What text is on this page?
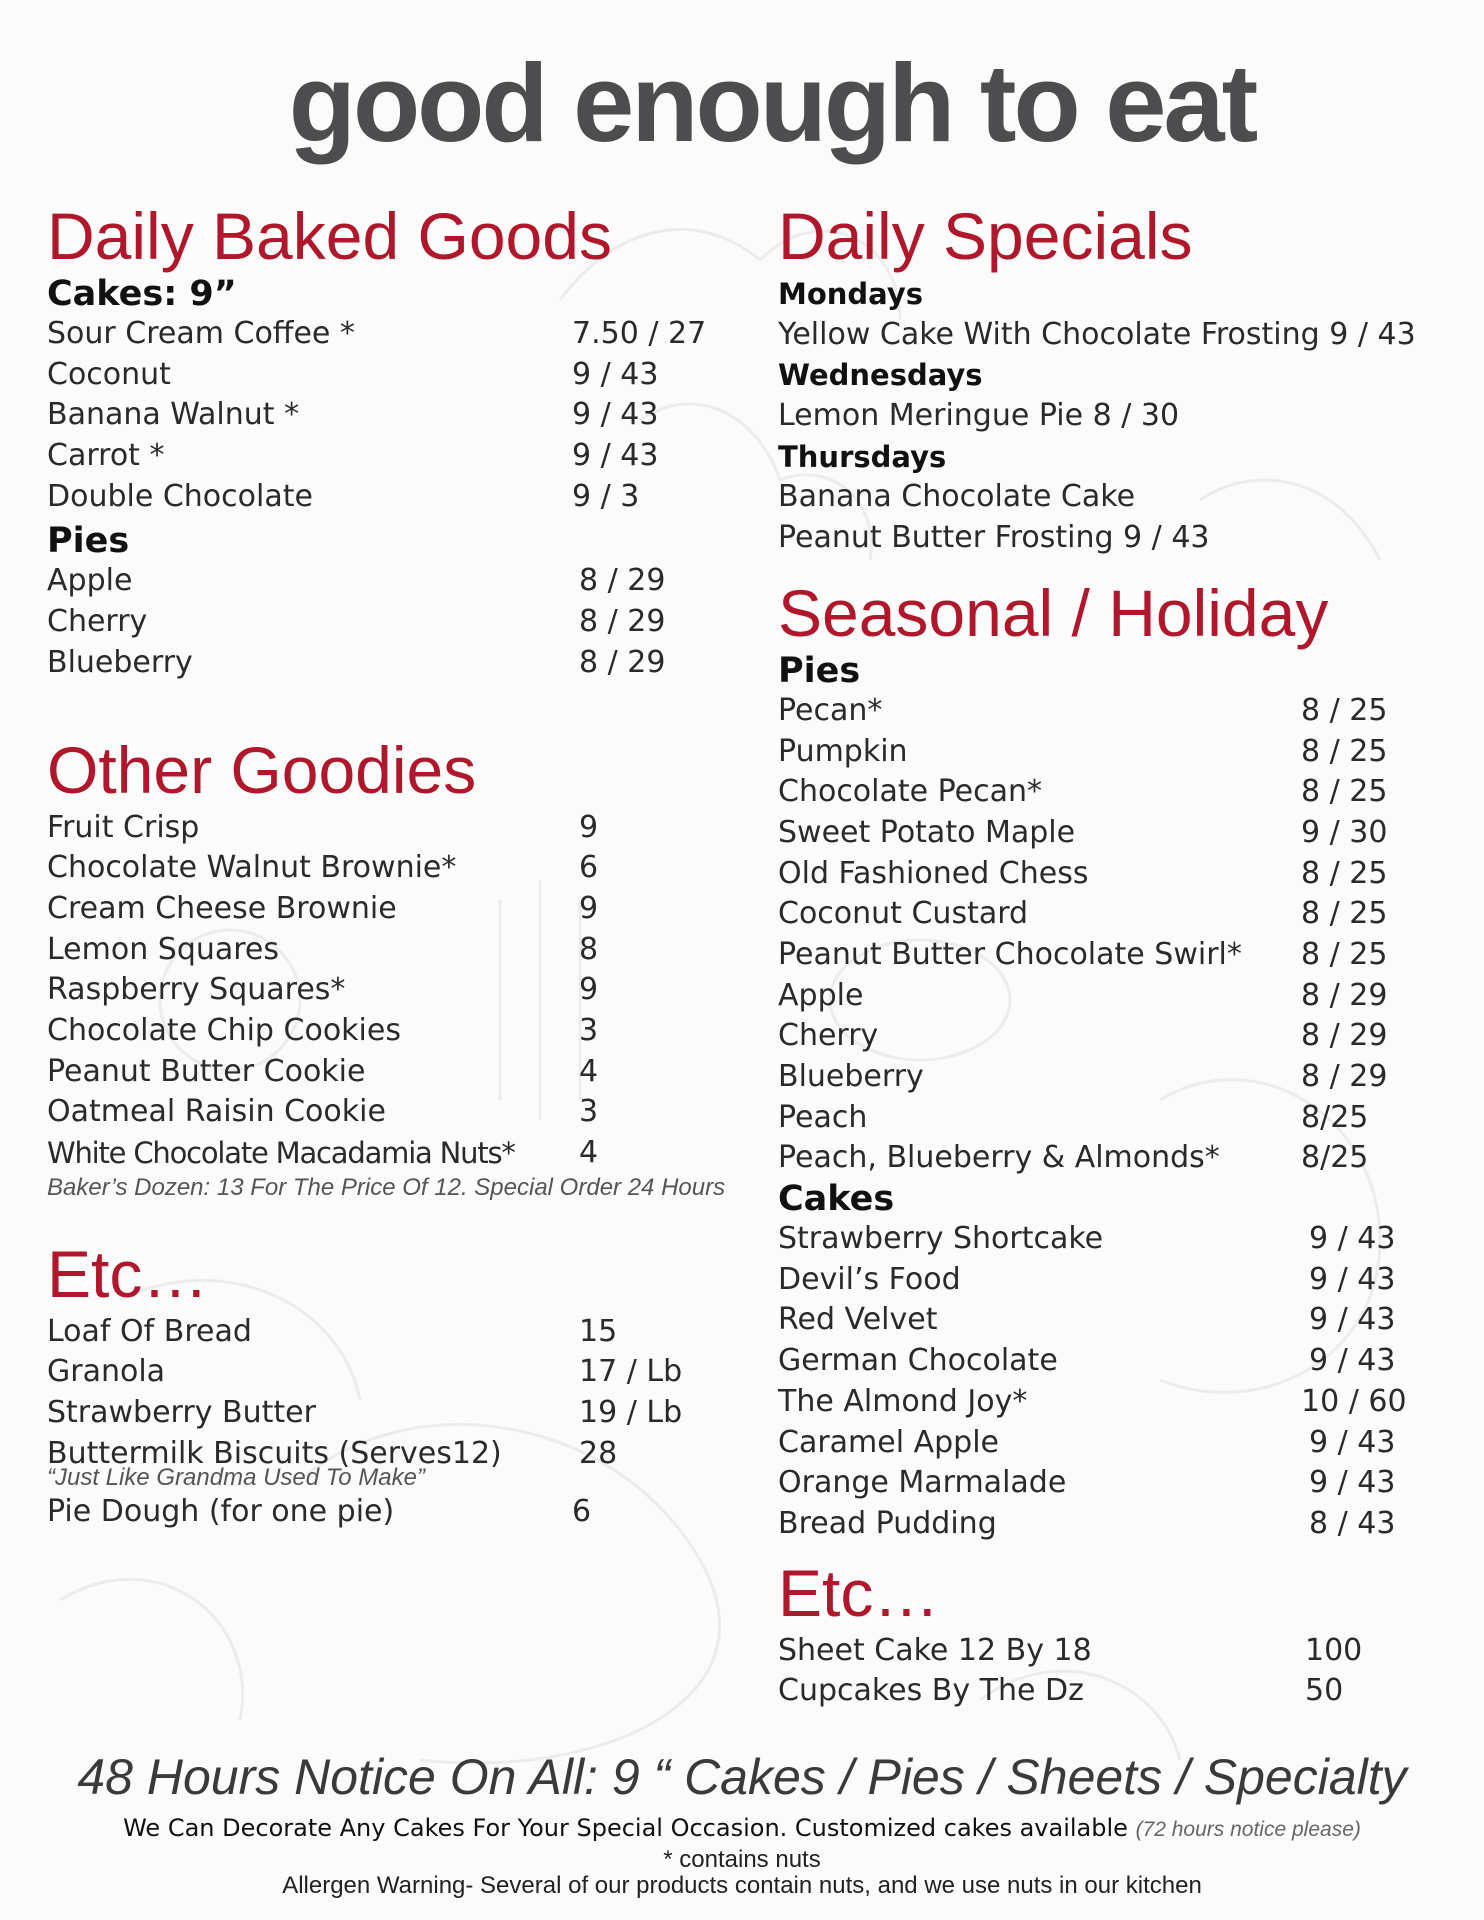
good enough to eat
Daily Baked Goods
Cakes: 9”
Sour Cream Coffee *	7.50 / 27
Coconut	9 / 43
Banana Walnut *	9 / 43
Carrot *	9 / 43
Double Chocolate	9 / 3
Pies
Apple	8 / 29
Cherry	8 / 29
Blueberry	8 / 29
Other Goodies
Fruit Crisp	9
Chocolate Walnut Brownie*	6
Cream Cheese Brownie	9
Lemon Squares	8
Raspberry Squares*	9
Chocolate Chip Cookies	3
Peanut Butter Cookie	4
Oatmeal Raisin Cookie	3
White Chocolate Macadamia Nuts* 4
Baker’s Dozen: 13 For The Price Of 12. Special Order 24 Hours
Etc…
Loaf Of Bread	15
Granola	17 / Lb
Strawberry Butter	19 / Lb
Buttermilk Biscuits (Serves12)	28
“Just Like Grandma Used To Make”
Pie Dough (for one pie)	6
Daily Specials
Mondays
Yellow Cake With Chocolate Frosting 9 / 43
Wednesdays
Lemon Meringue Pie 8 / 30
Thursdays
Banana Chocolate Cake
Peanut Butter Frosting 9 / 43
Seasonal / Holiday
Pies
Pecan*	8 / 25
Pumpkin	8 / 25
Chocolate Pecan*	8 / 25
Sweet Potato Maple	9 / 30
Old Fashioned Chess	8 / 25
Coconut Custard	8 / 25
Peanut Butter Chocolate Swirl* 8 / 25
Apple	8 / 29
Cherry	8 / 29
Blueberry	8 / 29
Peach	8/25
Peach, Blueberry & Almonds*	8/25
Cakes
Strawberry Shortcake	9 / 43
Devil’s Food	9 / 43
Red Velvet	9 / 43
German Chocolate	9 / 43
The Almond Joy*	10 / 60
Caramel Apple	9 / 43
Orange Marmalade	9 / 43
Bread Pudding	8 / 43
Etc…
Sheet Cake 12 By 18	100
Cupcakes By The Dz	50
48 Hours Notice On All: 9 “ Cakes / Pies / Sheets / Specialty
We Can Decorate Any Cakes For Your Special Occasion. Customized cakes available (72 hours notice please)
* contains nuts
Allergen Warning- Several of our products contain nuts, and we use nuts in our kitchen
